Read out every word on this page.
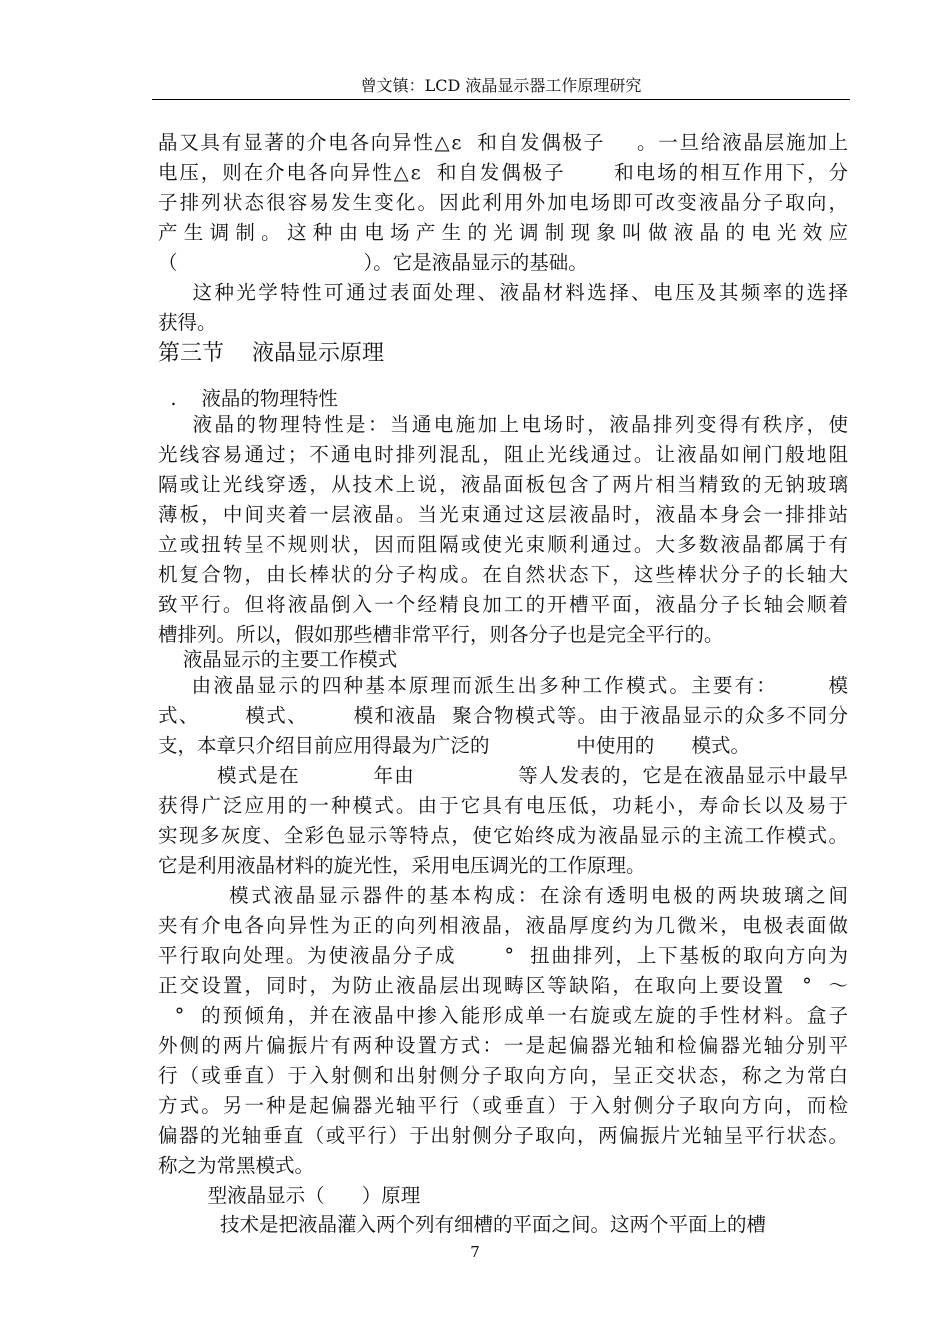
曾文镇：LCD 液晶显示器工作原理研究
晶又具有显著的介电各向异性△ε  和自发偶极子    。一旦给液晶层施加上
电压，则在介电各向异性△ε  和自发偶极子      和电场的相互作用下，分
子排列状态很容易发生变化。因此利用外加电场即可改变液晶分子取向，
产生调制。这种由电场产生的光调制现象叫做液晶的电光效应
（                              ）。它是液晶显示的基础。
这种光学特性可通过表面处理、液晶材料选择、电压及其频率的选择
获得。
第三节    液晶显示原理
.    液晶的物理特性
液晶的物理特性是：当通电施加上电场时，液晶排列变得有秩序，使
光线容易通过；不通电时排列混乱，阻止光线通过。让液晶如闸门般地阻
隔或让光线穿透，从技术上说，液晶面板包含了两片相当精致的无钠玻璃
薄板，中间夹着一层液晶。当光束通过这层液晶时，液晶本身会一排排站
立或扭转呈不规则状，因而阻隔或使光束顺利通过。大多数液晶都属于有
机复合物，由长棒状的分子构成。在自然状态下，这些棒状分子的长轴大
致平行。但将液晶倒入一个经精良加工的开槽平面，液晶分子长轴会顺着
槽排列。所以，假如那些槽非常平行，则各分子也是完全平行的。
液晶显示的主要工作模式
由液晶显示的四种基本原理而派生出多种工作模式。主要有：      模
式、      模式、      模和液晶  聚合物模式等。由于液晶显示的众多不同分
支，本章只介绍目前应用得最为广泛的              中使用的      模式。
模式是在          年由              等人发表的，它是在液晶显示中最早
获得广泛应用的一种模式。由于它具有电压低，功耗小，寿命长以及易于
实现多灰度、全彩色显示等特点，使它始终成为液晶显示的主流工作模式。
它是利用液晶材料的旋光性，采用电压调光的工作原理。
模式液晶显示器件的基本构成：在涂有透明电极的两块玻璃之间
夹有介电各向异性为正的向列相液晶，液晶厚度约为几微米，电极表面做
平行取向处理。为使液晶分子成      °  扭曲排列，上下基板的取向方向为
正交设置，同时，为防止液晶层出现畴区等缺陷，在取向上要设置  °  ～
°  的预倾角，并在液晶中掺入能形成单一右旋或左旋的手性材料。盒子
外侧的两片偏振片有两种设置方式：一是起偏器光轴和检偏器光轴分别平
行（或垂直）于入射侧和出射侧分子取向方向，呈正交状态，称之为常白
方式。另一种是起偏器光轴平行（或垂直）于入射侧分子取向方向，而检
偏器的光轴垂直（或平行）于出射侧分子取向，两偏振片光轴呈平行状态。
称之为常黑模式。
型液晶显示（      ）原理
技术是把液晶灌入两个列有细槽的平面之间。这两个平面上的槽
7
